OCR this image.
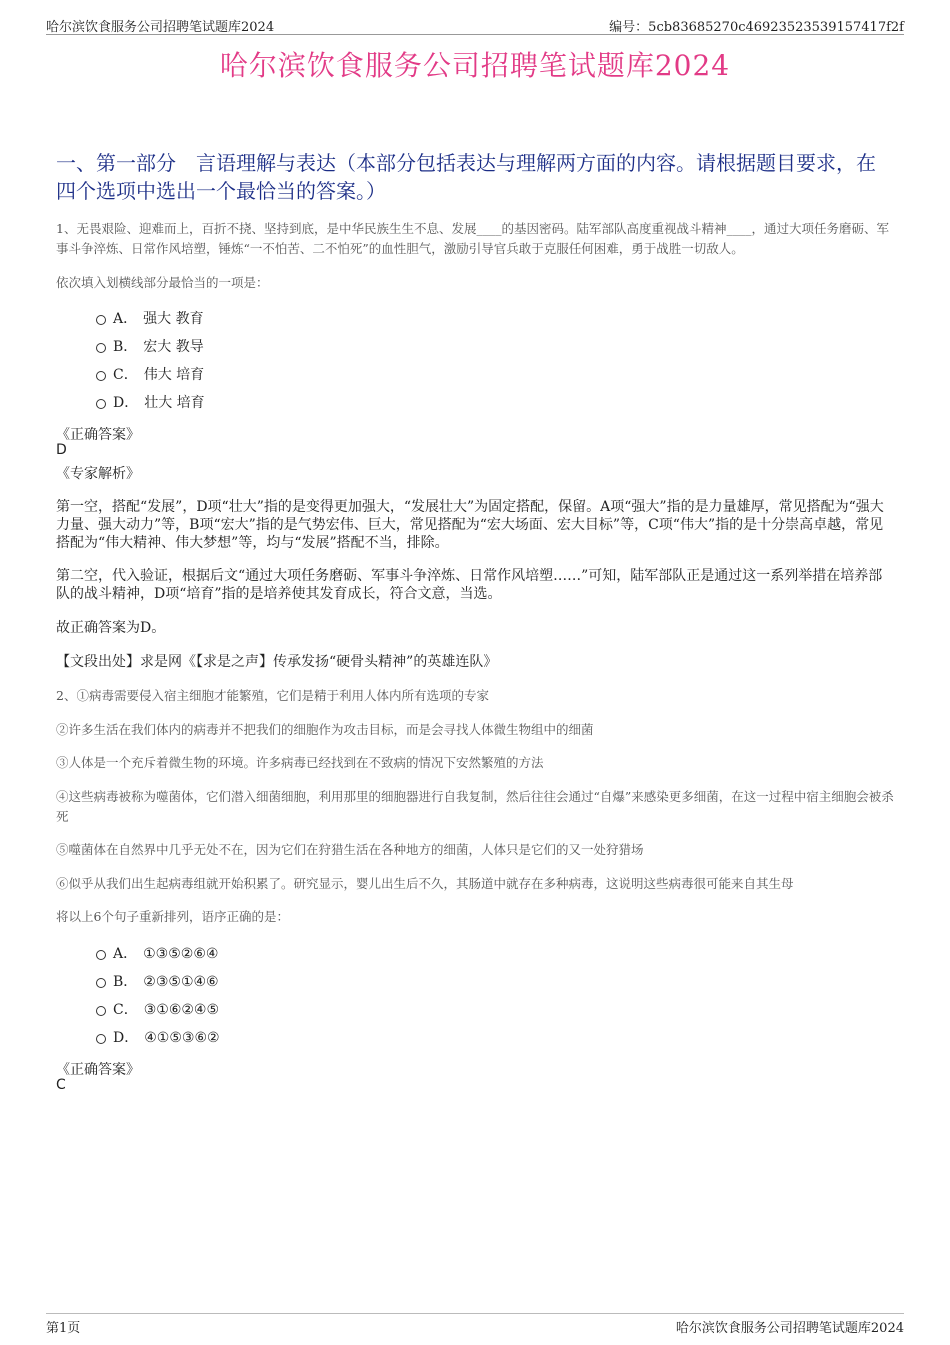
哈尔滨饮食服务公司招聘笔试题库2024	编号：5cb83685270c46923523539157417f2f
哈尔滨饮食服务公司招聘笔试题库2024
一、第一部分　言语理解与表达（本部分包括表达与理解两方面的内容。请根据题目要求，在四个选项中选出一个最恰当的答案。）
1、无畏艰险、迎难而上，百折不挠、坚持到底，是中华民族生生不息、发展____的基因密码。陆军部队高度重视战斗精神____，通过大项任务磨砺、军事斗争淬炼、日常作风培塑，锤炼“一不怕苦、二不怕死”的血性胆气，激励引导官兵敢于克服任何困难，勇于战胜一切敌人。
依次填入划横线部分最恰当的一项是：
A． 强大 教育
B． 宏大 教导
C． 伟大 培育
D． 壮大 培育
《正确答案》
D
《专家解析》
第一空，搭配“发展”，D项“壮大”指的是变得更加强大，“发展壮大”为固定搭配，保留。A项“强大”指的是力量雄厚，常见搭配为“强大力量、强大动力”等，B项“宏大”指的是气势宏伟、巨大，常见搭配为“宏大场面、宏大目标”等，C项“伟大”指的是十分崇高卓越，常见搭配为“伟大精神、伟大梦想”等，均与“发展”搭配不当，排除。
第二空，代入验证，根据后文“通过大项任务磨砺、军事斗争淬炼、日常作风培塑……”可知，陆军部队正是通过这一系列举措在培养部队的战斗精神，D项“培育”指的是培养使其发育成长，符合文意，当选。
故正确答案为D。
【文段出处】求是网《【求是之声】传承发扬“硬骨头精神”的英雄连队》
2、①病毒需要侵入宿主细胞才能繁殖，它们是精于利用人体内所有选项的专家
②许多生活在我们体内的病毒并不把我们的细胞作为攻击目标，而是会寻找人体微生物组中的细菌
③人体是一个充斥着微生物的环境。许多病毒已经找到在不致病的情况下安然繁殖的方法
④这些病毒被称为噬菌体，它们潜入细菌细胞，利用那里的细胞器进行自我复制，然后往往会通过“自爆”来感染更多细菌，在这一过程中宿主细胞会被杀死
⑤噬菌体在自然界中几乎无处不在，因为它们在狩猎生活在各种地方的细菌，人体只是它们的又一处狩猎场
⑥似乎从我们出生起病毒组就开始积累了。研究显示，婴儿出生后不久，其肠道中就存在多种病毒，这说明这些病毒很可能来自其生母
将以上6个句子重新排列，语序正确的是：
A． ①③⑤②⑥④
B． ②③⑤①④⑥
C． ③①⑥②④⑤
D． ④①⑤③⑥②
《正确答案》
C
第1页	哈尔滨饮食服务公司招聘笔试题库2024
